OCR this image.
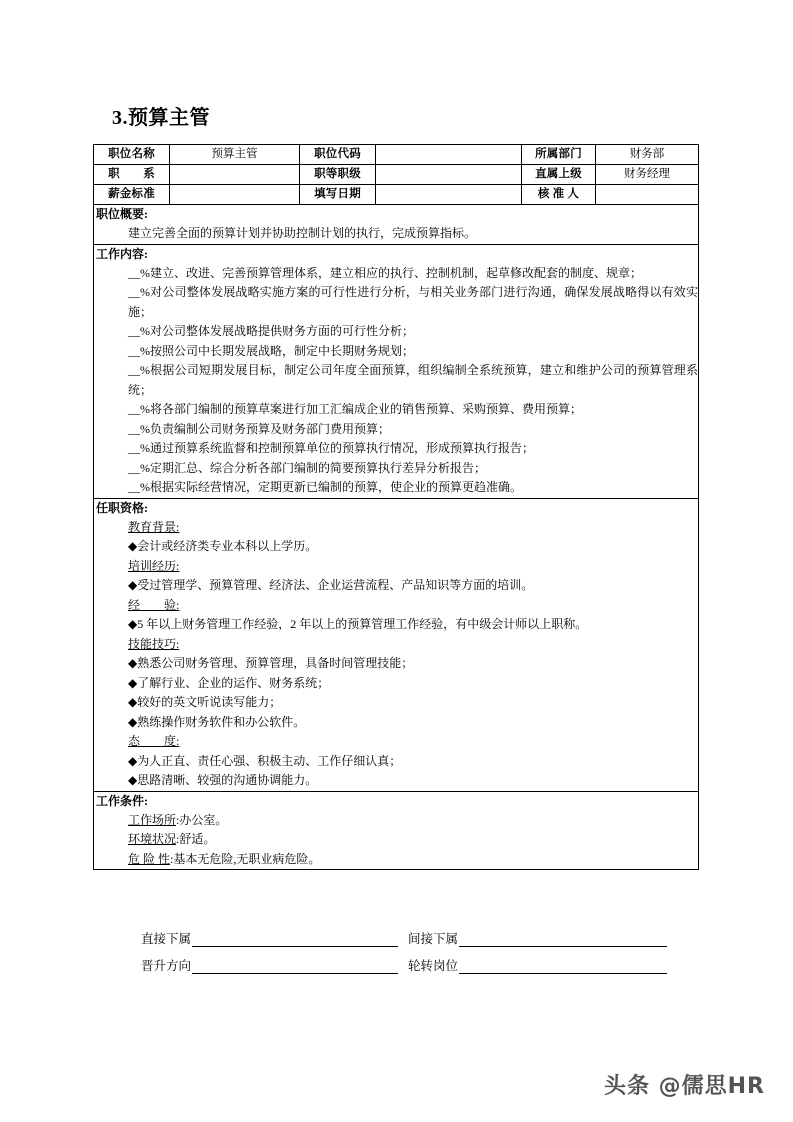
3.预算主管
职位名称	预算主管	职位代码		所属部门	财务部
职　　系		职等职级		直属上级	财务经理
薪金标准		填写日期		核 准 人	

职位概要:
建立完善全面的预算计划并协助控制计划的执行，完成预算指标。					

工作内容:
__%建立、改进、完善预算管理体系，建立相应的执行、控制机制，起草修改配套的制度、规章；
__%对公司整体发展战略实施方案的可行性进行分析，与相关业务部门进行沟通，确保发展战略得以有效实施；
__%对公司整体发展战略提供财务方面的可行性分析；
__%按照公司中长期发展战略，制定中长期财务规划；
__%根据公司短期发展目标，制定公司年度全面预算，组织编制全系统预算，建立和维护公司的预算管理系统；
__%将各部门编制的预算草案进行加工汇编成企业的销售预算、采购预算、费用预算；
__%负责编制公司财务预算及财务部门费用预算；
__%通过预算系统监督和控制预算单位的预算执行情况，形成预算执行报告；
__%定期汇总、综合分析各部门编制的简要预算执行差异分析报告；
__%根据实际经营情况，定期更新已编制的预算，使企业的预算更趋准确。

任职资格:
教育背景:
◆会计或经济类专业本科以上学历。
培训经历:
◆受过管理学、预算管理、经济法、企业运营流程、产品知识等方面的培训。
经　　验:
◆5 年以上财务管理工作经验，2 年以上的预算管理工作经验，有中级会计师以上职称。
技能技巧:
◆熟悉公司财务管理、预算管理，具备时间管理技能；
◆了解行业、企业的运作、财务系统；
◆较好的英文听说读写能力；
◆熟练操作财务软件和办公软件。
态　　度:
◆为人正直、责任心强、积极主动、工作仔细认真；
◆思路清晰、较强的沟通协调能力。

工作条件:
工作场所:办公室。
环境状况:舒适。
危 险 性:基本无危险,无职业病危险。					
直接下属	间接下属
晋升方向	轮转岗位
头条 @儒思HR
